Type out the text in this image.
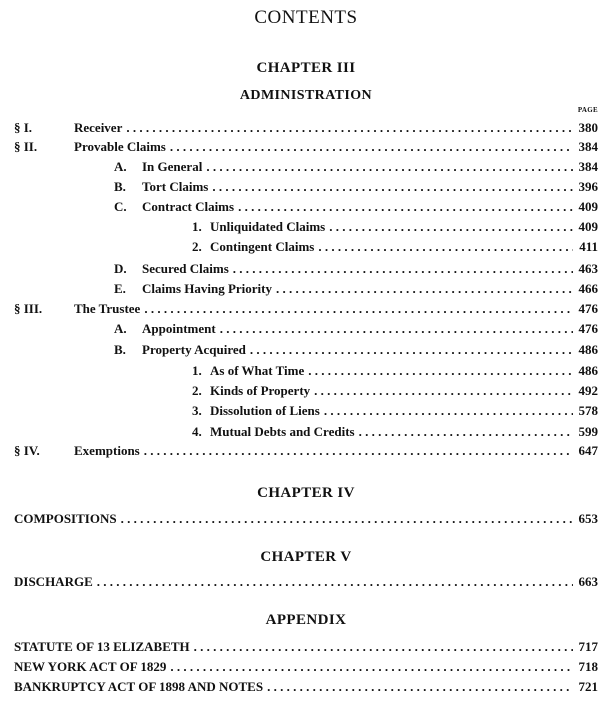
CONTENTS
CHAPTER III
ADMINISTRATION
PAGE
§ I.	Receiver . . .	380
§ II.	Provable Claims . . .	384
A.	In General . . .	384
B.	Tort Claims . . .	396
C.	Contract Claims . . .	409
1. Unliquidated Claims . . .	409
2. Contingent Claims . . .	411
D.	Secured Claims . . .	463
E.	Claims Having Priority . . .	466
§ III.	The Trustee . . .	476
A.	Appointment . . .	476
B.	Property Acquired . . .	486
1. As of What Time . . .	486
2. Kinds of Property . . .	492
3. Dissolution of Liens . . .	578
4. Mutual Debts and Credits . . .	599
§ IV.	Exemptions . . .	647
CHAPTER IV
COMPOSITIONS . . .	653
CHAPTER V
DISCHARGE . . .	663
APPENDIX
STATUTE OF 13 ELIZABETH . . .	717
NEW YORK ACT OF 1829 . . .	718
BANKRUPTCY ACT OF 1898 AND NOTES . . .	721
